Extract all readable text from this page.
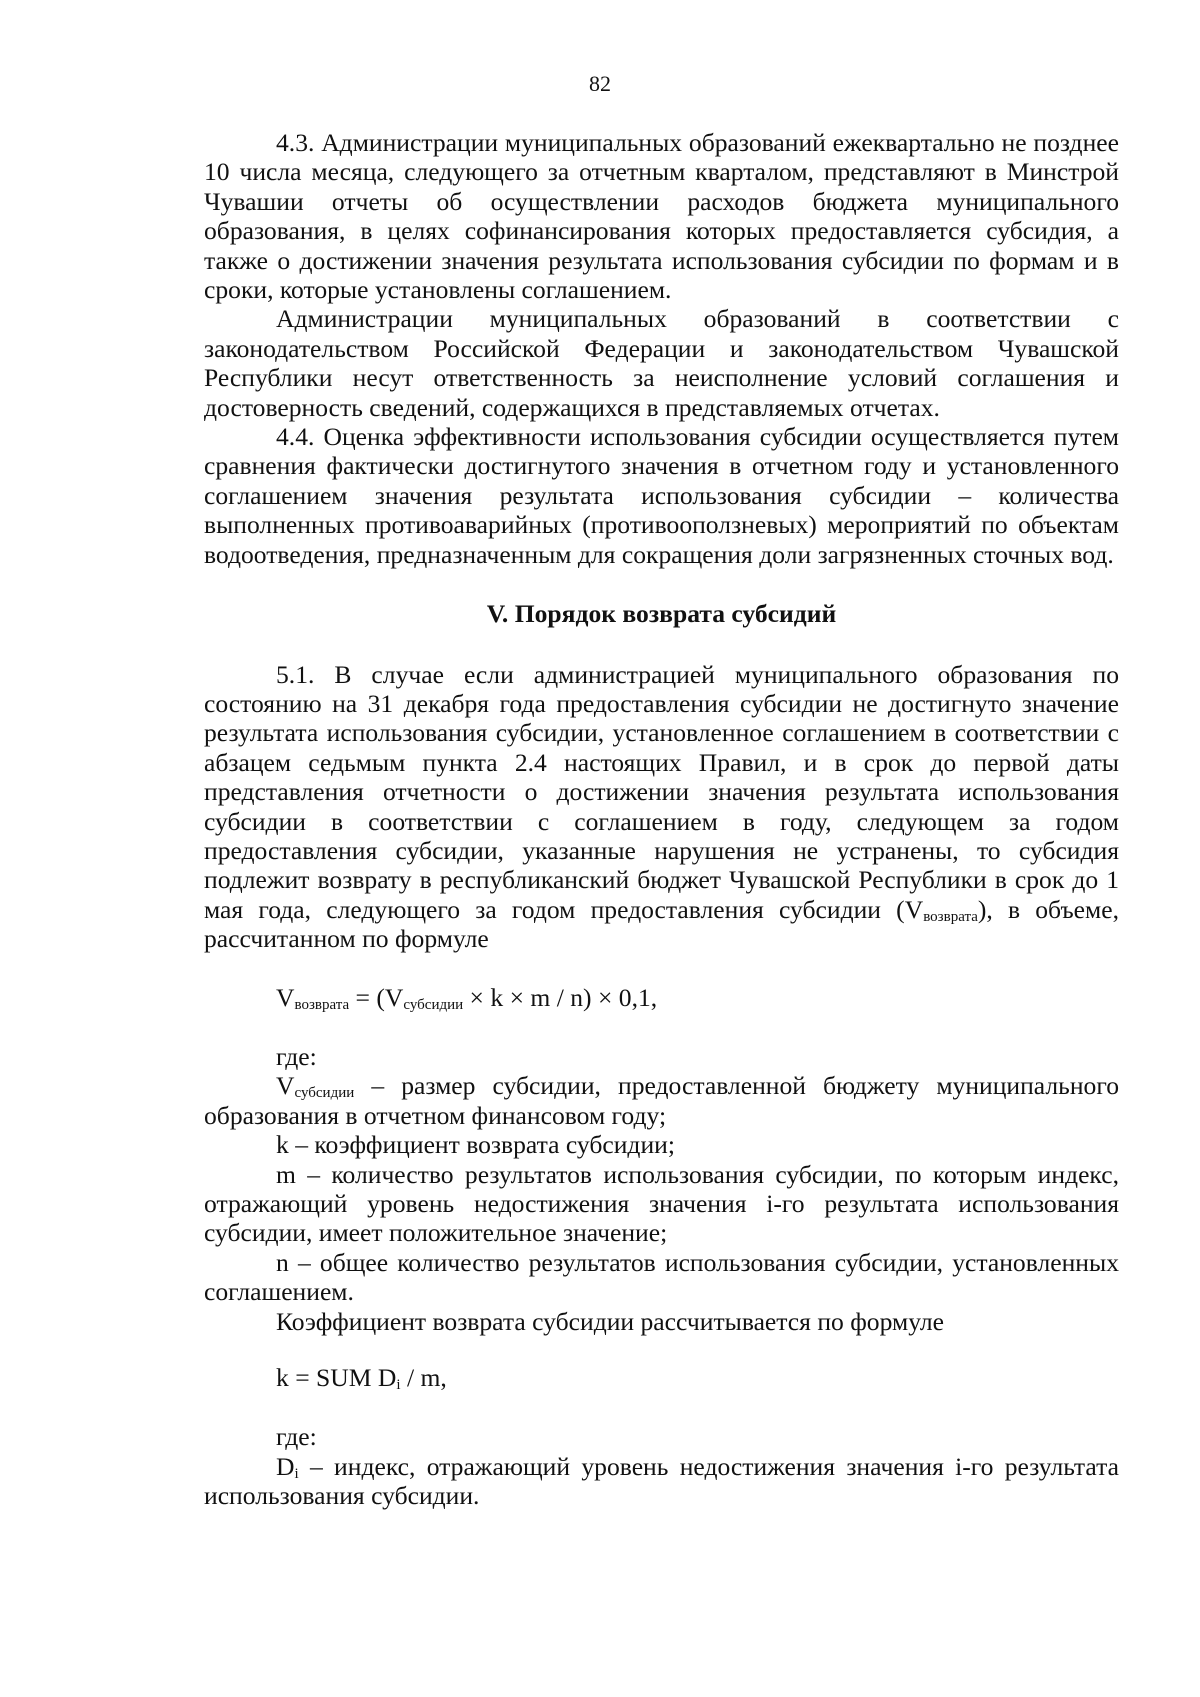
82

4.3. Администрации муниципальных образований ежеквартально не позднее 10 числа месяца, следующего за отчетным кварталом, представляют в Минстрой Чувашии отчеты об осуществлении расходов бюджета муниципального образования, в целях софинансирования которых предоставляется субсидия, а также о достижении значения результата использования субсидии по формам и в сроки, которые установлены соглашением.

Администрации муниципальных образований в соответствии с законодательством Российской Федерации и законодательством Чувашской Республики несут ответственность за неисполнение условий соглашения и достоверность сведений, содержащихся в представляемых отчетах.

4.4. Оценка эффективности использования субсидии осуществляется путем сравнения фактически достигнутого значения в отчетном году и установленного соглашением значения результата использования субсидии – количества выполненных противоаварийных (противооползневых) мероприятий по объектам водоотведения, предназначенным для сокращения доли загрязненных сточных вод.

V. Порядок возврата субсидий

5.1. В случае если администрацией муниципального образования по состоянию на 31 декабря года предоставления субсидии не достигнуто значение результата использования субсидии, установленное соглашением в соответствии с абзацем седьмым пункта 2.4 настоящих Правил, и в срок до первой даты представления отчетности о достижении значения результата использования субсидии в соответствии с соглашением в году, следующем за годом предоставления субсидии, указанные нарушения не устранены, то субсидия подлежит возврату в республиканский бюджет Чувашской Республики в срок до 1 мая года, следующего за годом предоставления субсидии $(V_{возврата})$, в объеме, рассчитанном по формуле

$V_{возврата} = (V_{субсидии} \times k \times m / n) \times 0,1$,

где:

$V_{субсидии}$ – размер субсидии, предоставленной бюджету муниципального образования в отчетном финансовом году;

k – коэффициент возврата субсидии;

m – количество результатов использования субсидии, по которым индекс, отражающий уровень недостижения значения i-го результата использования субсидии, имеет положительное значение;

n – общее количество результатов использования субсидии, установленных соглашением.

Коэффициент возврата субсидии рассчитывается по формуле

k = SUM $D_i$ / m,

где:

$D_i$ – индекс, отражающий уровень недостижения значения i-го результата использования субсидии.
